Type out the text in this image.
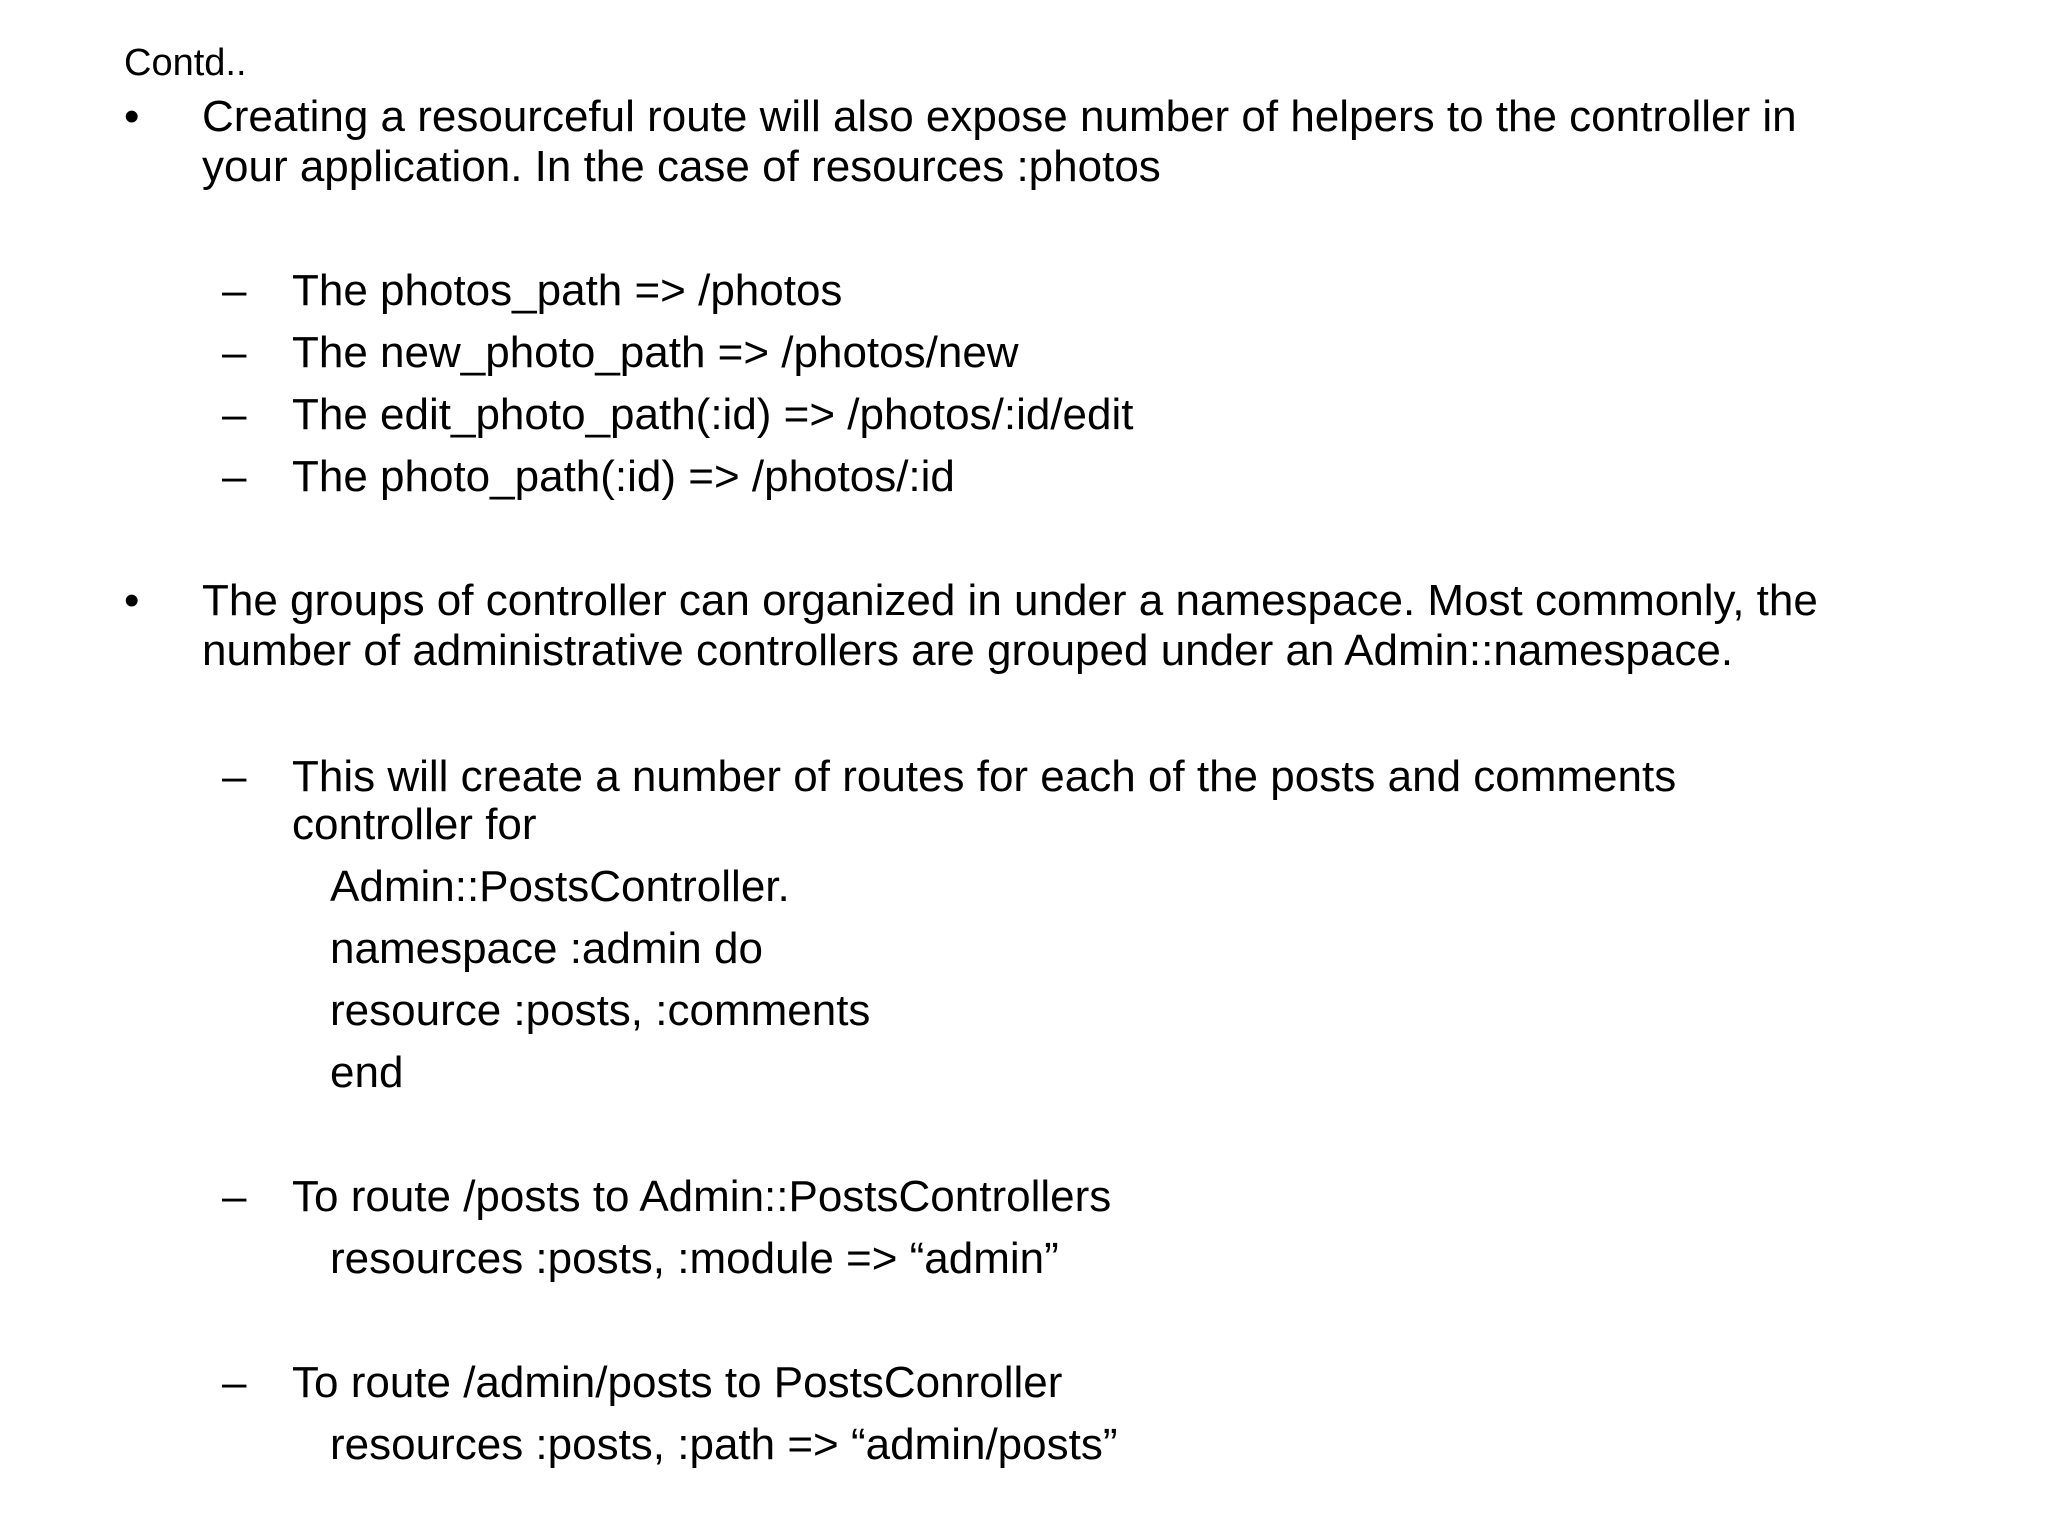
Contd..
•	Creating a resourceful route will also expose number of helpers to the controller in
your application. In the case of resources :photos
–	The photos_path => /photos
–	The new_photo_path => /photos/new
–	The edit_photo_path(:id) => /photos/:id/edit
–	The photo_path(:id) => /photos/:id
•	The groups of controller can organized in under a namespace. Most commonly, the
number of administrative controllers are grouped under an Admin::namespace.
–	This will create a number of routes for each of the posts and comments
controller for
Admin::PostsController.
namespace :admin do
resource :posts, :comments
end
–	To route /posts to Admin::PostsControllers
resources :posts, :module => “admin”
–	To route /admin/posts to PostsConroller
resources :posts, :path => “admin/posts”
